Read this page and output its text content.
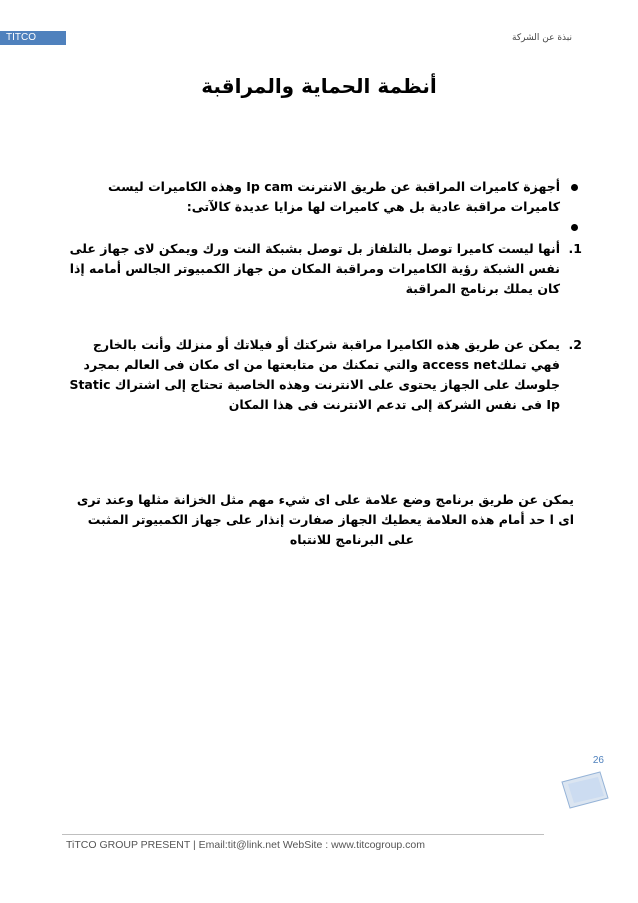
TITCO	نبذة عن الشركة
أنظمة الحماية والمراقبة
أجهزة كاميرات المراقبة عن طريق الانترنت Ip cam وهذه الكاميرات ليست
كاميرات مراقبة عادية بل هي كاميرات لها مزايا عديدة كالآتى:
1.
أنها ليست كاميرا توصل بالتلفاز بل توصل بشبكة النت ورك ويمكن لاى جهاز على
نفس الشبكة رؤية الكاميرات ومراقبة المكان من جهاز الكمبيوتر الجالس أمامه إذا
كان يملك برنامج المراقبة
2.
يمكن عن طريق هذه الكاميرا مراقبة شركتك أو فيلاتك أو منزلك وأنت بالخارج
فهي تملكaccess net والتي تمكنك من متابعتها من اى مكان فى العالم بمجرد
جلوسك على الجهاز يحتوى على الانترنت وهذه الخاصية تحتاج إلى اشتراك Static
Ip فى نفس الشركة إلى تدعم الانترنت فى هذا المكان
يمكن عن طريق برنامج وضع علامة على اى شيء مهم مثل الخزانة مثلها وعند ترى
اى ا حد أمام هذه العلامة يعطيك الجهاز صفارت إنذار على جهاز الكمبيوتر المثبت
على البرنامج للانتباه
26
TiTCO GROUP PRESENT | Email:tit@link.net WebSite : www.titcogroup.com
